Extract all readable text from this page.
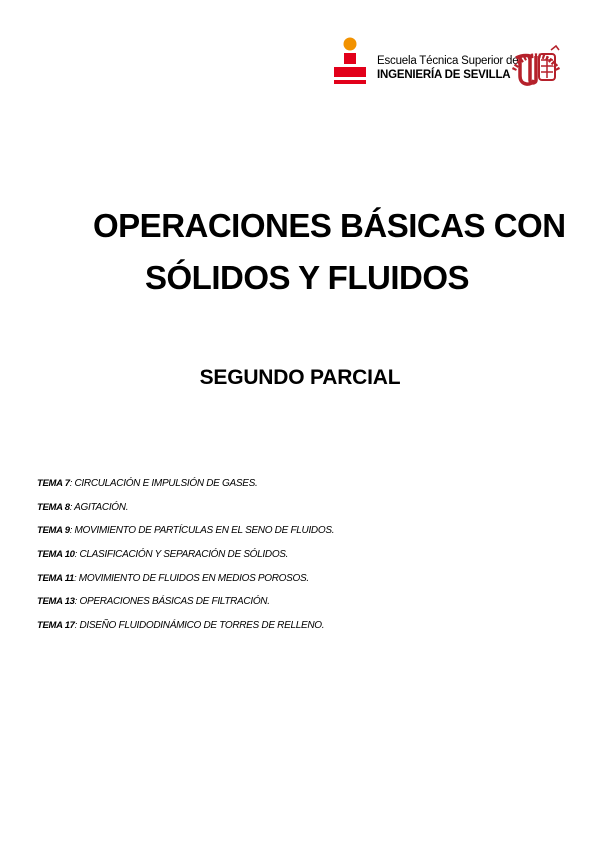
Escuela Técnica Superior de
INGENIERÍA DE SEVILLA
OPERACIONES BÁSICAS CON
SÓLIDOS Y FLUIDOS
SEGUNDO PARCIAL
TEMA 7: CIRCULACIÓN E IMPULSIÓN DE GASES.
TEMA 8: AGITACIÓN.
TEMA 9: MOVIMIENTO DE PARTÍCULAS EN EL SENO DE FLUIDOS.
TEMA 10: CLASIFICACIÓN Y SEPARACIÓN DE SÓLIDOS.
TEMA 11: MOVIMIENTO DE FLUIDOS EN MEDIOS POROSOS.
TEMA 13: OPERACIONES BÁSICAS DE FILTRACIÓN.
TEMA 17: DISEÑO FLUIDODINÁMICO DE TORRES DE RELLENO.
